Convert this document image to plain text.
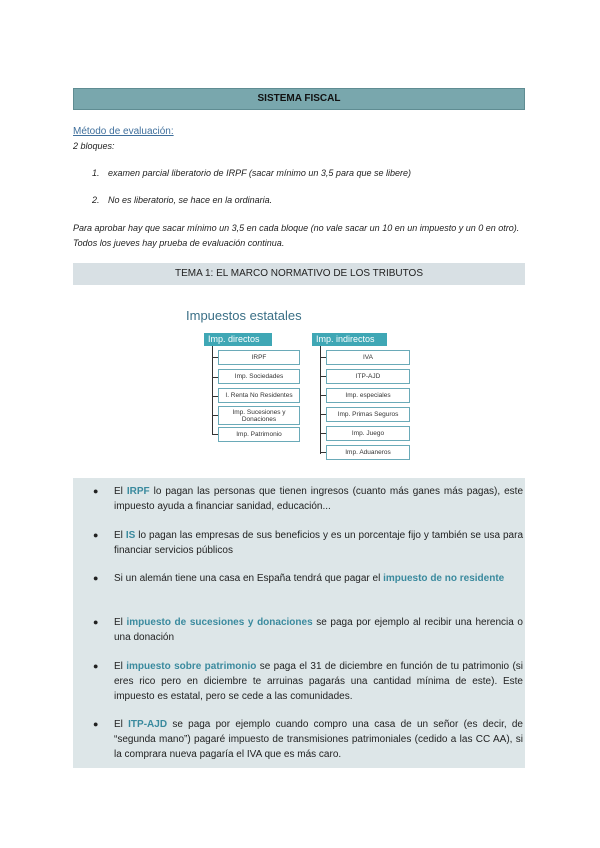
SISTEMA FISCAL
Método de evaluación:
2 bloques:
1. examen parcial liberatorio de IRPF (sacar mínimo un 3,5 para que se libere)
2. No es liberatorio, se hace en la ordinaria.
Para aprobar hay que sacar mínimo un 3,5 en cada bloque (no vale sacar un 10 en un impuesto y un 0 en otro). Todos los jueves hay prueba de evaluación continua.
TEMA 1: EL MARCO NORMATIVO DE LOS TRIBUTOS
Impuestos estatales
Imp. directos
IRPF
Imp. Sociedades
I. Renta No Residentes
Imp. Sucesiones y Donaciones
Imp. Patrimonio
Imp. indirectos
IVA
ITP-AJD
Imp. especiales
Imp. Primas Seguros
Imp. Juego
Imp. Aduaneros
● El IRPF lo pagan las personas que tienen ingresos (cuanto más ganes más pagas), este impuesto ayuda a financiar sanidad, educación...
● El IS lo pagan las empresas de sus beneficios y es un porcentaje fijo y también se usa para financiar servicios públicos
● Si un alemán tiene una casa en España tendrá que pagar el impuesto de no residente
● El impuesto de sucesiones y donaciones se paga por ejemplo al recibir una herencia o una donación
● El impuesto sobre patrimonio se paga el 31 de diciembre en función de tu patrimonio (si eres rico pero en diciembre te arruinas pagarás una cantidad mínima de este). Este impuesto es estatal, pero se cede a las comunidades.
● El ITP-AJD se paga por ejemplo cuando compro una casa de un señor (es decir, de “segunda mano”) pagaré impuesto de transmisiones patrimoniales (cedido a las CC AA), si la comprara nueva pagaría el IVA que es más caro.
